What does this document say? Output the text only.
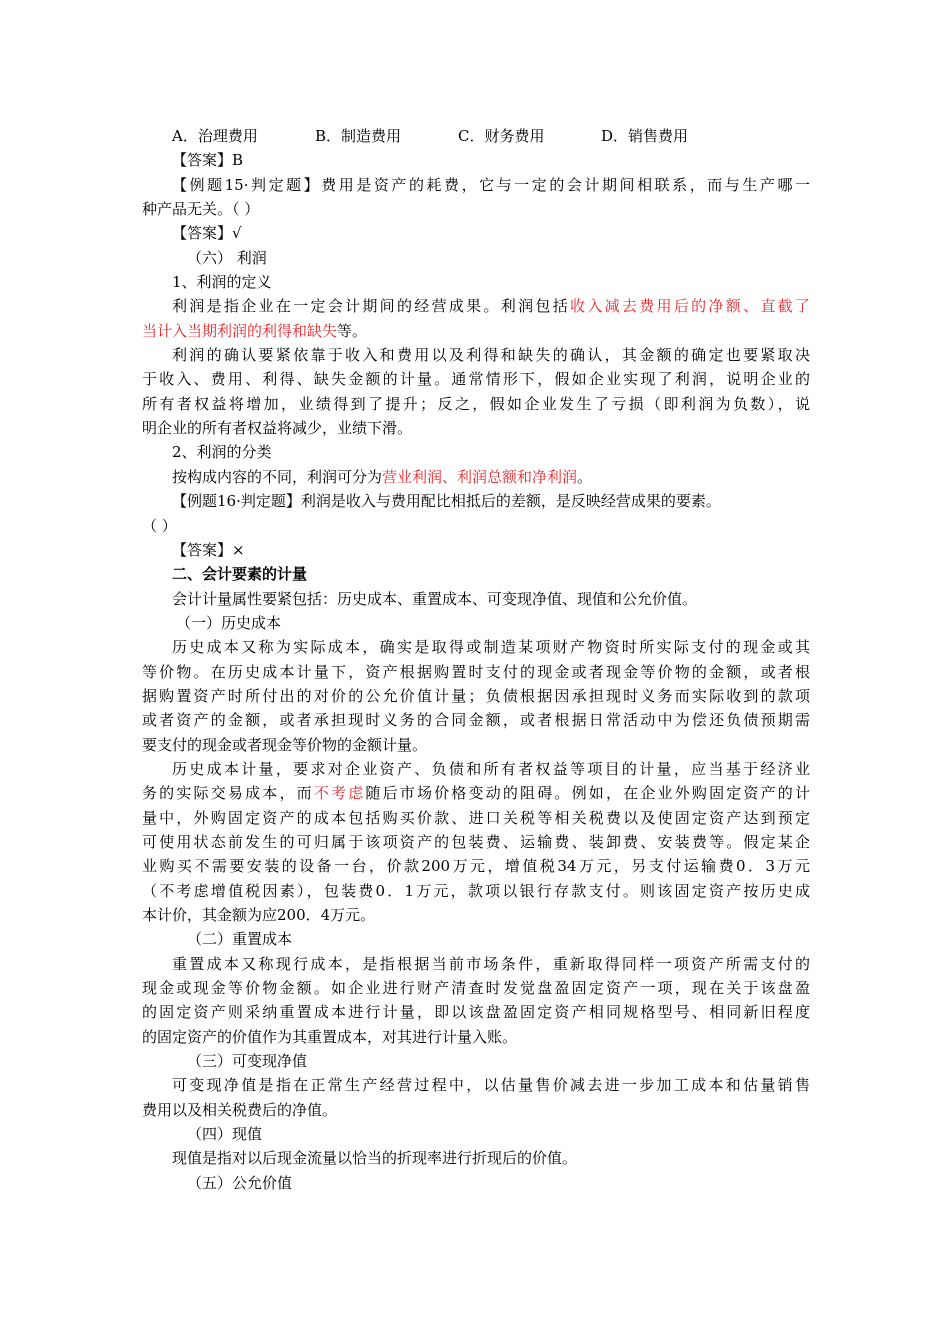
A．治理费用	B．制造费用	C．财务费用	D．销售费用
【答案】B
【例题15·判定题】费用是资产的耗费，它与一定的会计期间相联系，而与生产哪一
种产品无关。（ ）
【答案】√
（六） 利润
1、利润的定义
利润是指企业在一定会计期间的经营成果。利润包括收入减去费用后的净额、直截了
当计入当期利润的利得和缺失等。
利润的确认要紧依靠于收入和费用以及利得和缺失的确认，其金额的确定也要紧取决
于收入、费用、利得、缺失金额的计量。通常情形下，假如企业实现了利润，说明企业的
所有者权益将增加，业绩得到了提升；反之，假如企业发生了亏损（即利润为负数），说
明企业的所有者权益将减少，业绩下滑。
2、利润的分类
按构成内容的不同，利润可分为营业利润、利润总额和净利润。
【例题16·判定题】利润是收入与费用配比相抵后的差额，是反映经营成果的要素。
（ ）
【答案】×
二、会计要素的计量
会计计量属性要紧包括：历史成本、重置成本、可变现净值、现值和公允价值。
（一）历史成本
历史成本又称为实际成本，确实是取得或制造某项财产物资时所实际支付的现金或其
等价物。在历史成本计量下，资产根据购置时支付的现金或者现金等价物的金额，或者根
据购置资产时所付出的对价的公允价值计量；负债根据因承担现时义务而实际收到的款项
或者资产的金额，或者承担现时义务的合同金额，或者根据日常活动中为偿还负债预期需
要支付的现金或者现金等价物的金额计量。
历史成本计量，要求对企业资产、负债和所有者权益等项目的计量，应当基于经济业
务的实际交易成本，而不考虑随后市场价格变动的阻碍。例如，在企业外购固定资产的计
量中，外购固定资产的成本包括购买价款、进口关税等相关税费以及使固定资产达到预定
可使用状态前发生的可归属于该项资产的包装费、运输费、装卸费、安装费等。假定某企
业购买不需要安装的设备一台，价款200万元，增值税34万元，另支付运输费0．3万元
（不考虑增值税因素），包装费0．1万元，款项以银行存款支付。则该固定资产按历史成
本计价，其金额为应200．4万元。
（二）重置成本
重置成本又称现行成本，是指根据当前市场条件，重新取得同样一项资产所需支付的
现金或现金等价物金额。如企业进行财产清查时发觉盘盈固定资产一项，现在关于该盘盈
的固定资产则采纳重置成本进行计量，即以该盘盈固定资产相同规格型号、相同新旧程度
的固定资产的价值作为其重置成本，对其进行计量入账。
（三）可变现净值
可变现净值是指在正常生产经营过程中，以估量售价减去进一步加工成本和估量销售
费用以及相关税费后的净值。
（四）现值
现值是指对以后现金流量以恰当的折现率进行折现后的价值。
（五）公允价值
